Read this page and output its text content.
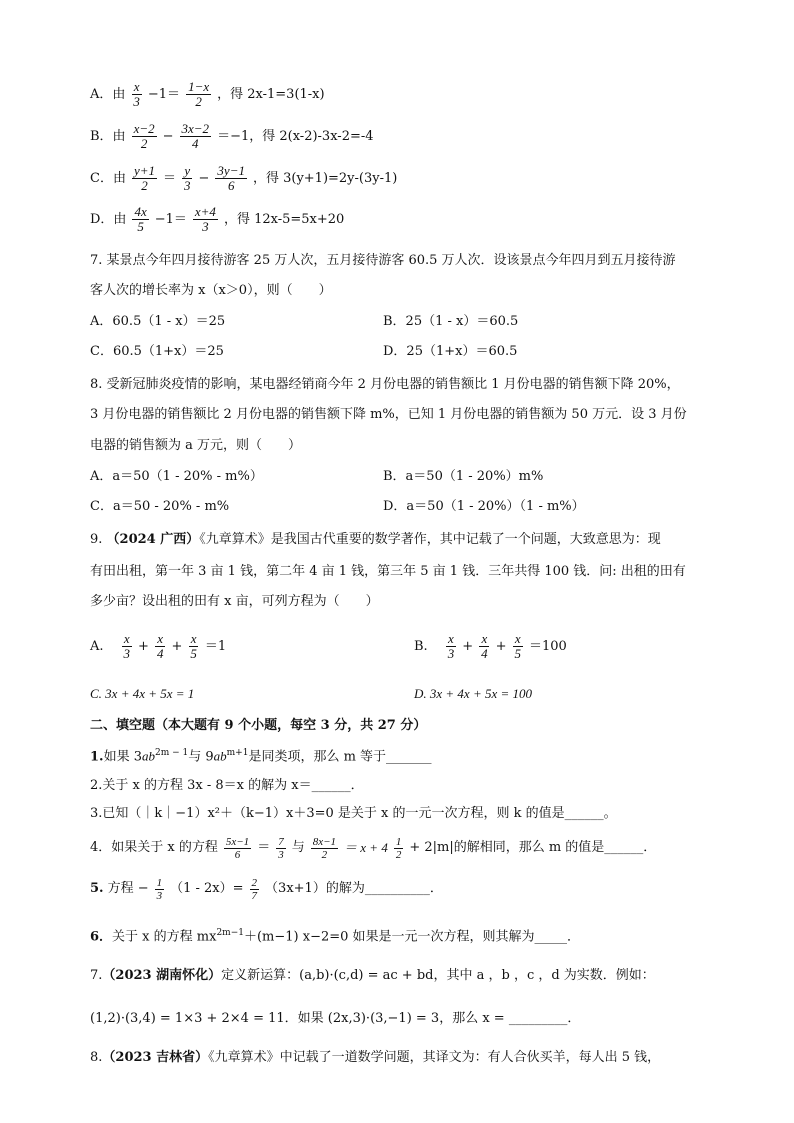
A．由 $\frac{x}{3} -1= \frac{1-x}{2}$ ，得 2x-1=3(1-x)
B．由 $\frac{x-2}{2} - \frac{3x-2}{4} =-1$，得 2(x-2)-3x-2=-4
C．由 $\frac{y+1}{2} = \frac{y}{3} - \frac{3y-1}{6}$ ，得 3(y+1)=2y-(3y-1)
D．由 $\frac{4x}{5} -1= \frac{x+4}{3}$ ，得 12x-5=5x+20
7. 某景点今年四月接待游客 25 万人次，五月接待游客 60.5 万人次．设该景点今年四月到五月接待游
客人次的增长率为 x（x＞0），则（　　）
A．60.5（1 - x）＝25	B．25（1 - x）＝60.5
C．60.5（1+x）＝25	D．25（1+x）＝60.5
8. 受新冠肺炎疫情的影响，某电器经销商今年 2 月份电器的销售额比 1 月份电器的销售额下降 20%，
3 月份电器的销售额比 2 月份电器的销售额下降 m%，已知 1 月份电器的销售额为 50 万元．设 3 月份
电器的销售额为 a 万元，则（　　）
A．a＝50（1 - 20% - m%）	B．a＝50（1 - 20%）m%
C．a＝50 - 20% - m%	D．a＝50（1 - 20%）（1 - m%）
9. （2024 广西）《九章算术》是我国古代重要的数学著作，其中记载了一个问题，大致意思为：现
有田出租，第一年 3 亩 1 钱，第二年 4 亩 1 钱，第三年 5 亩 1 钱．三年共得 100 钱．问: 出租的田有
多少亩？设出租的田有 x 亩，可列方程为（　　）
A. $\frac{x}{3} + \frac{x}{4} + \frac{x}{5} =1$	B. $\frac{x}{3} + \frac{x}{4} + \frac{x}{5} =100$
C. 3x + 4x + 5x = 1	D. 3x + 4x + 5x = 100
二、填空题（本大题有 9 个小题，每空 3 分，共 27 分）
1.如果 $3ab^{2m - 1}$与 $9ab^{m+1}$是同类项，那么 m 等于_______
2.关于 x 的方程 3x - 8＝x 的解为 x＝______．
3.已知（｜k｜−1）x²＋（k−1）x＋3=0 是关于 x 的一元一次方程，则 k 的值是______。
4．如果关于 x 的方程 $\frac{5x-1}{6} = \frac{7}{3}$ 与 $\frac{8x-1}{2} = x + 4 \frac{1}{2} + 2|m|$的解相同，那么 m 的值是______．
5. 方程 − $\frac{1}{3} (1 - 2x)= \frac{2}{7} (3x+1)$的解为__________．
6．关于 x 的方程 $mx^{2m-1}+(m-1)$ x−2=0 如果是一元一次方程，则其解为_____．
7.（2023 湖南怀化）定义新运算：(a,b)·(c,d) = ac + bd，其中 a ，b ，c ，d 为实数．例如：
(1,2)·(3,4) = 1×3 + 2×4 = 11．如果 (2x,3)·(3,−1) = 3，那么 x = _________．
8.（2023 吉林省）《九章算术》中记载了一道数学问题，其译文为：有人合伙买羊，每人出 5 钱，
